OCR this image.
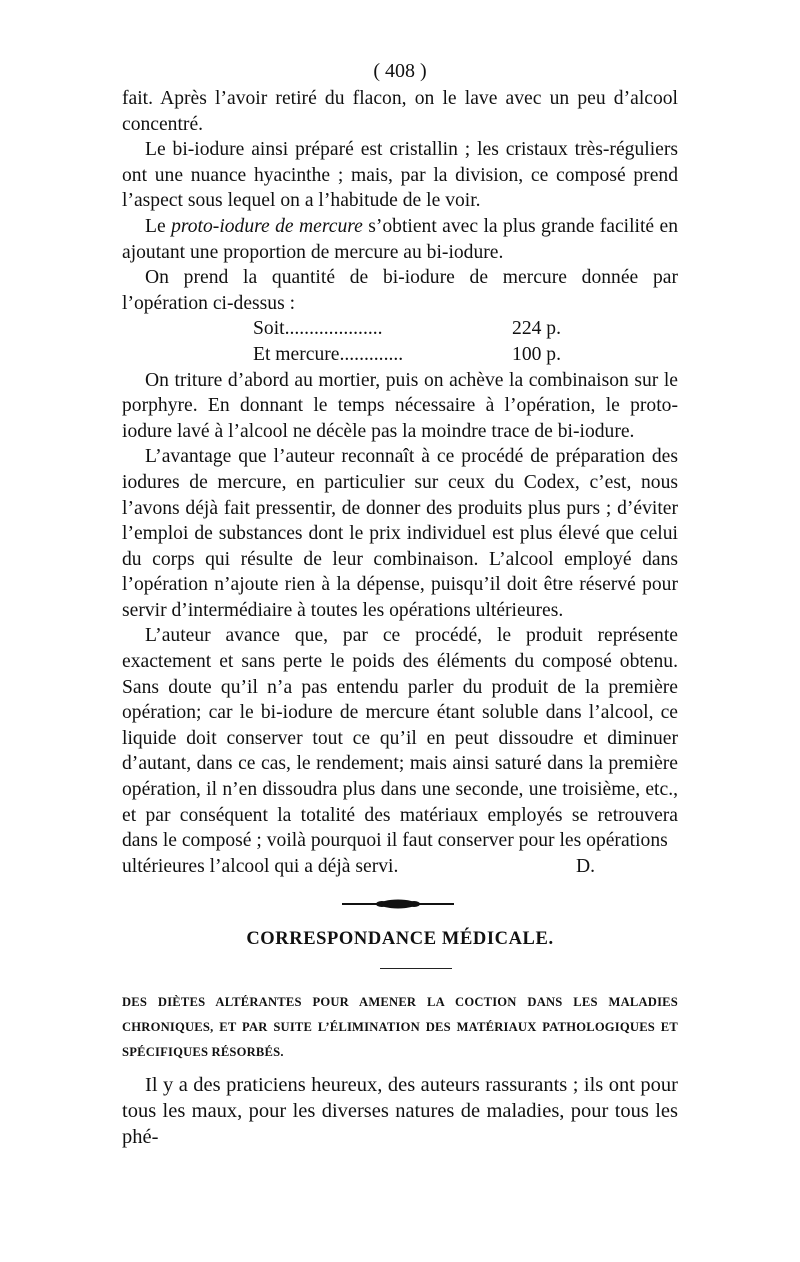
( 408 )

fait. Après l’avoir retiré du flacon, on le lave avec un peu d’alcool concentré.

Le bi-iodure ainsi préparé est cristallin ; les cristaux très-réguliers ont une nuance hyacinthe ; mais, par la division, ce composé prend l’aspect sous lequel on a l’habitude de le voir.

Le proto-iodure de mercure s’obtient avec la plus grande facilité en ajoutant une proportion de mercure au bi-iodure.

On prend la quantité de bi-iodure de mercure donnée par l’opération ci-dessus :

Soit....................	224 p.
Et mercure.............	100 p.

On triture d’abord au mortier, puis on achève la combinaison sur le porphyre. En donnant le temps nécessaire à l’opération, le proto-iodure lavé à l’alcool ne décèle pas la moindre trace de bi-iodure.

L’avantage que l’auteur reconnaît à ce procédé de préparation des iodures de mercure, en particulier sur ceux du Codex, c’est, nous l’avons déjà fait pressentir, de donner des produits plus purs ; d’éviter l’emploi de substances dont le prix individuel est plus élevé que celui du corps qui résulte de leur combinaison. L’alcool employé dans l’opération n’ajoute rien à la dépense, puisqu’il doit être réservé pour servir d’intermédiaire à toutes les opérations ultérieures.

L’auteur avance que, par ce procédé, le produit représente exactement et sans perte le poids des éléments du composé obtenu. Sans doute qu’il n’a pas entendu parler du produit de la première opération; car le bi-iodure de mercure étant soluble dans l’alcool, ce liquide doit conserver tout ce qu’il en peut dissoudre et diminuer d’autant, dans ce cas, le rendement; mais ainsi saturé dans la première opération, il n’en dissoudra plus dans une seconde, une troisième, etc., et par conséquent la totalité des matériaux employés se retrouvera dans le composé ; voilà pourquoi il faut conserver pour les opérations

ultérieures l’alcool qui a déjà servi.	D.
CORRESPONDANCE MÉDICALE.
DES DIÈTES ALTÉRANTES POUR AMENER LA COCTION DANS LES MALADIES CHRONIQUES, ET PAR SUITE L’ÉLIMINATION DES MATÉRIAUX PATHOLOGIQUES ET SPÉCIFIQUES RÉSORBÉS.

Il y a des praticiens heureux, des auteurs rassurants ; ils ont pour tous les maux, pour les diverses natures de maladies, pour tous les phé-
